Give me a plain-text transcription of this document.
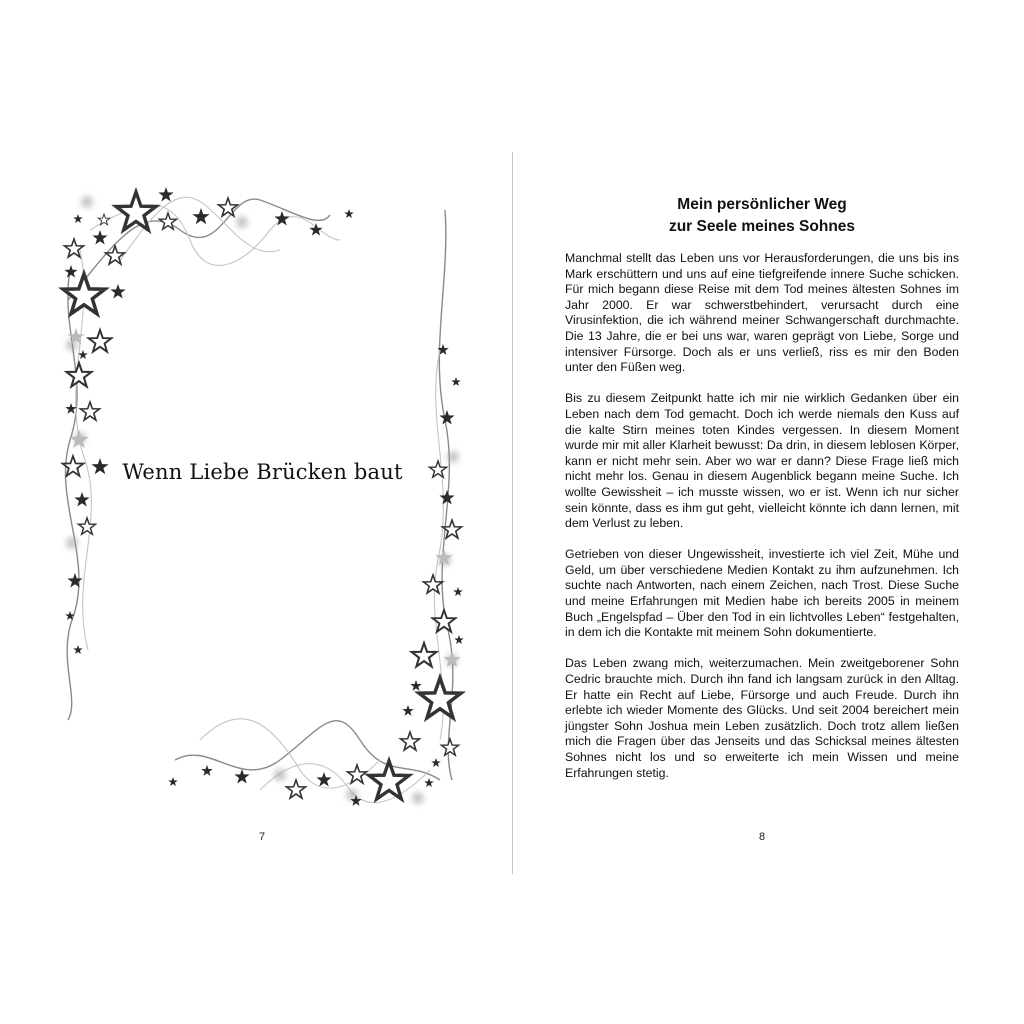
Wenn Liebe Brücken baut
7
Mein persönlicher Weg
zur Seele meines Sohnes

Manchmal stellt das Leben uns vor Herausforderungen, die uns bis ins Mark erschüttern und uns auf eine tiefgreifende innere Suche schicken. Für mich begann diese Reise mit dem Tod meines ältesten Sohnes im Jahr 2000. Er war schwerstbehindert, verursacht durch eine Virusinfektion, die ich während meiner Schwangerschaft durchmachte. Die 13 Jahre, die er bei uns war, waren geprägt von Liebe, Sorge und intensiver Fürsorge. Doch als er uns verließ, riss es mir den Boden unter den Füßen weg.

Bis zu diesem Zeitpunkt hatte ich mir nie wirklich Gedanken über ein Leben nach dem Tod gemacht. Doch ich werde niemals den Kuss auf die kalte Stirn meines toten Kindes vergessen. In diesem Moment wurde mir mit aller Klarheit bewusst: Da drin, in diesem leblosen Körper, kann er nicht mehr sein. Aber wo war er dann? Diese Frage ließ mich nicht mehr los. Genau in diesem Augenblick begann meine Suche. Ich wollte Gewissheit – ich musste wissen, wo er ist. Wenn ich nur sicher sein könnte, dass es ihm gut geht, vielleicht könnte ich dann lernen, mit dem Verlust zu leben.

Getrieben von dieser Ungewissheit, investierte ich viel Zeit, Mühe und Geld, um über verschiedene Medien Kontakt zu ihm aufzunehmen. Ich suchte nach Antworten, nach einem Zeichen, nach Trost. Diese Suche und meine Erfahrungen mit Medien habe ich bereits 2005 in meinem Buch „Engelspfad – Über den Tod in ein lichtvolles Leben“ festgehalten, in dem ich die Kontakte mit meinem Sohn dokumentierte.

Das Leben zwang mich, weiterzumachen. Mein zweitgeborener Sohn Cedric brauchte mich. Durch ihn fand ich langsam zurück in den Alltag. Er hatte ein Recht auf Liebe, Fürsorge und auch Freude. Durch ihn erlebte ich wieder Momente des Glücks. Und seit 2004 bereichert mein jüngster Sohn Joshua mein Leben zusätzlich. Doch trotz allem ließen mich die Fragen über das Jenseits und das Schicksal meines ältesten Sohnes nicht los und so erweiterte ich mein Wissen und meine Erfahrungen stetig.

8
